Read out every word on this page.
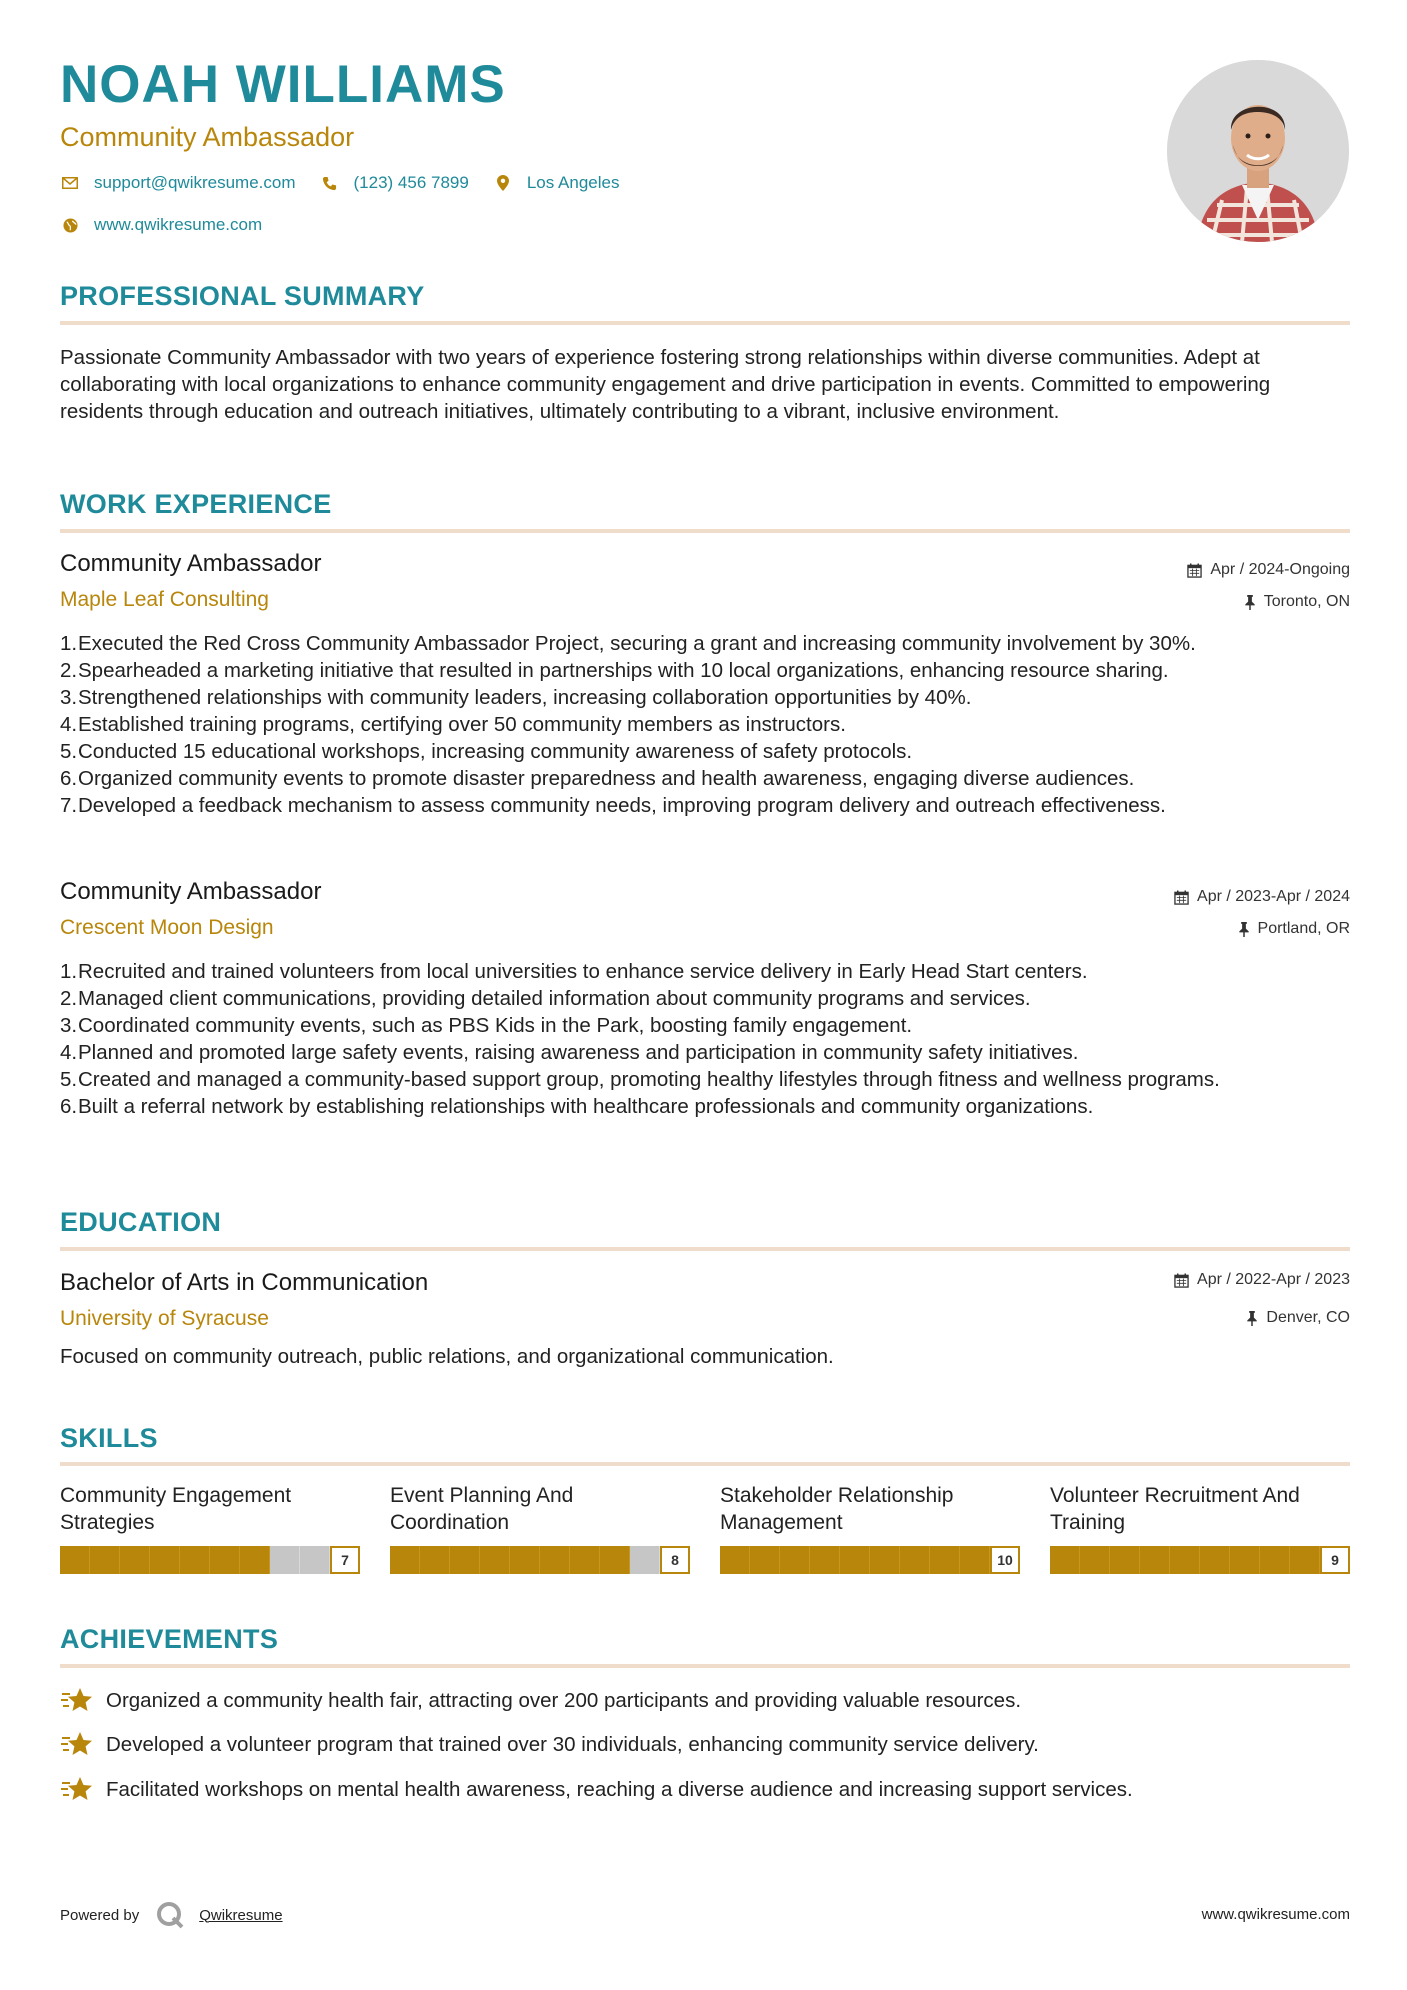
NOAH WILLIAMS
Community Ambassador
support@qwikresume.com	(123) 456 7899	Los Angeles
www.qwikresume.com
PROFESSIONAL SUMMARY
Passionate Community Ambassador with two years of experience fostering strong relationships within diverse communities. Adept at collaborating with local organizations to enhance community engagement and drive participation in events. Committed to empowering residents through education and outreach initiatives, ultimately contributing to a vibrant, inclusive environment.
WORK EXPERIENCE
Community Ambassador
Maple Leaf Consulting
Apr / 2024-Ongoing
Toronto, ON
1. Executed the Red Cross Community Ambassador Project, securing a grant and increasing community involvement by 30%.
2. Spearheaded a marketing initiative that resulted in partnerships with 10 local organizations, enhancing resource sharing.
3. Strengthened relationships with community leaders, increasing collaboration opportunities by 40%.
4. Established training programs, certifying over 50 community members as instructors.
5. Conducted 15 educational workshops, increasing community awareness of safety protocols.
6. Organized community events to promote disaster preparedness and health awareness, engaging diverse audiences.
7. Developed a feedback mechanism to assess community needs, improving program delivery and outreach effectiveness.
Community Ambassador
Crescent Moon Design
Apr / 2023-Apr / 2024
Portland, OR
1. Recruited and trained volunteers from local universities to enhance service delivery in Early Head Start centers.
2. Managed client communications, providing detailed information about community programs and services.
3. Coordinated community events, such as PBS Kids in the Park, boosting family engagement.
4. Planned and promoted large safety events, raising awareness and participation in community safety initiatives.
5. Created and managed a community-based support group, promoting healthy lifestyles through fitness and wellness programs.
6. Built a referral network by establishing relationships with healthcare professionals and community organizations.
EDUCATION
Bachelor of Arts in Communication
University of Syracuse
Apr / 2022-Apr / 2023
Denver, CO
Focused on community outreach, public relations, and organizational communication.
SKILLS
Community Engagement Strategies
7
Event Planning And Coordination
8
Stakeholder Relationship Management
10
Volunteer Recruitment And Training
9
ACHIEVEMENTS
Organized a community health fair, attracting over 200 participants and providing valuable resources.
Developed a volunteer program that trained over 30 individuals, enhancing community service delivery.
Facilitated workshops on mental health awareness, reaching a diverse audience and increasing support services.
Powered by	Qwikresume	www.qwikresume.com
